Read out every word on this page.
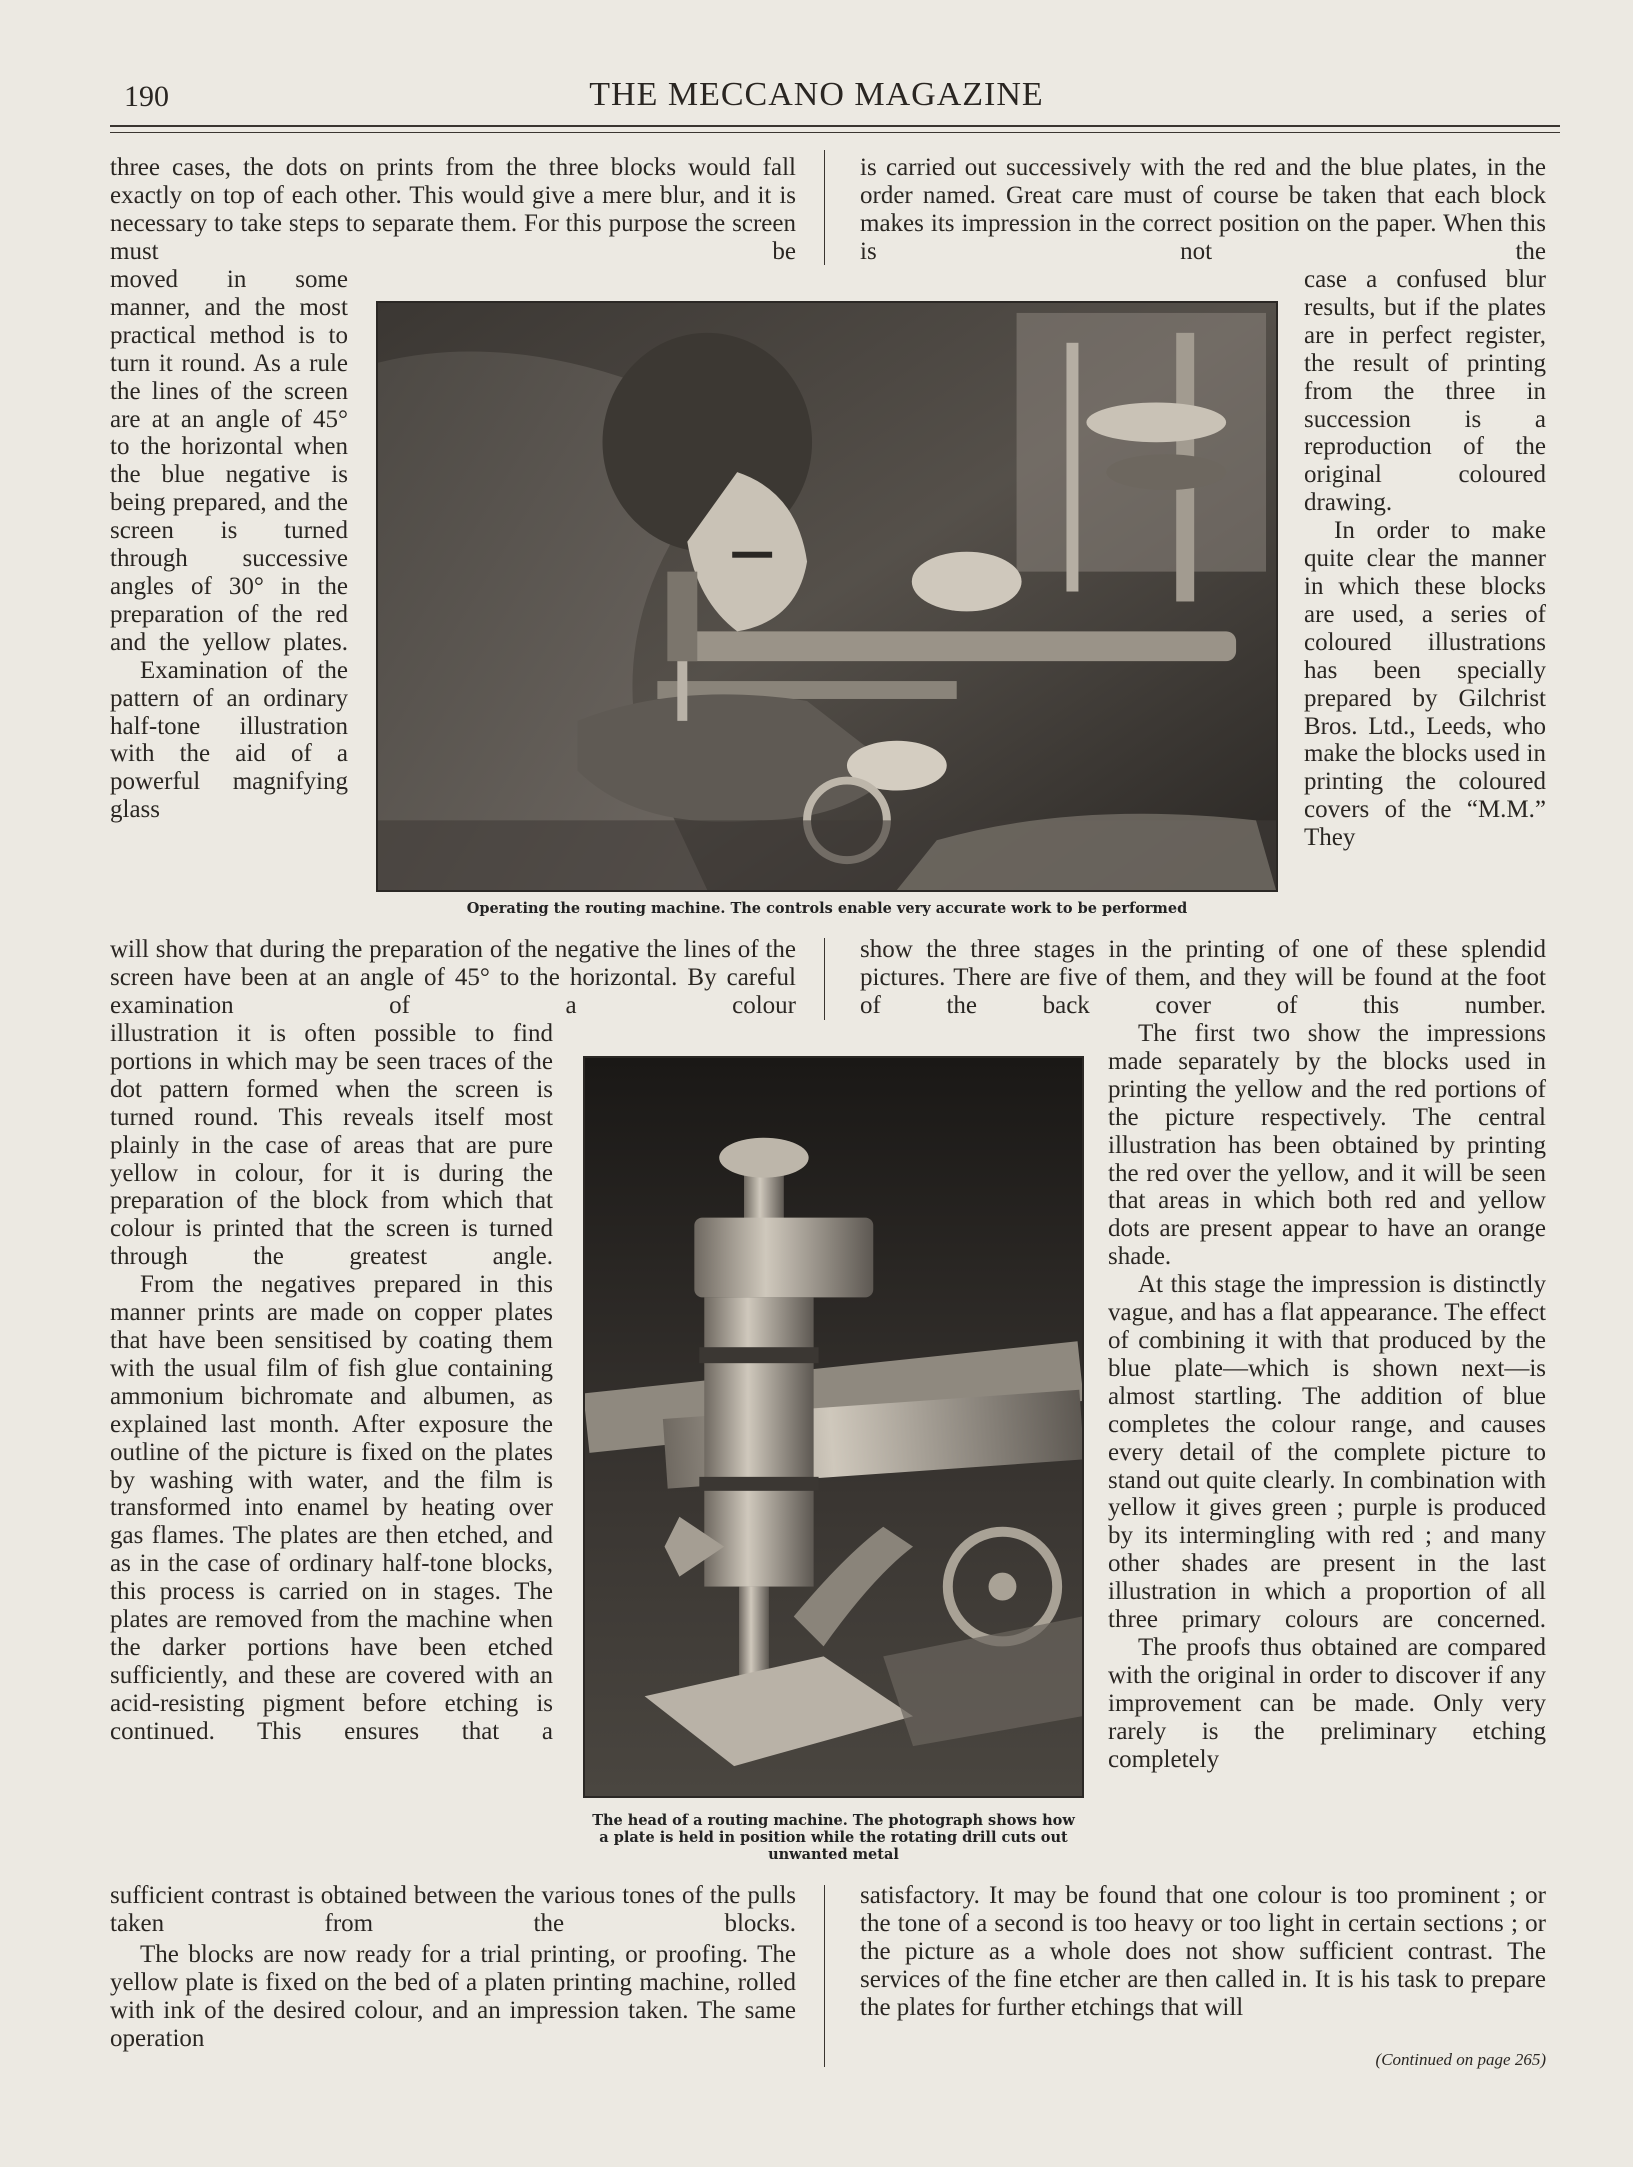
190	THE MECCANO MAGAZINE

three cases, the dots on prints from the three blocks would fall exactly on top of each other. This would give a mere blur, and it is necessary to take steps to separate them. For this purpose the screen must be

moved in some manner, and the most practical method is to turn it round. As a rule the lines of the screen are at an angle of 45° to the horizontal when the blue negative is being prepared, and the screen is turned through successive angles of 30° in the preparation of the red and the yellow plates.

Examination of the pattern of an ordinary half-tone illustration with the aid of a powerful magnifying glass

will show that during the preparation of the negative the lines of the screen have been at an angle of 45° to the horizontal. By careful examination of a colour

illustration it is often possible to find portions in which may be seen traces of the dot pattern formed when the screen is turned round. This reveals itself most plainly in the case of areas that are pure yellow in colour, for it is during the preparation of the block from which that colour is printed that the screen is turned through the greatest angle.

From the negatives prepared in this manner prints are made on copper plates that have been sensitised by coating them with the usual film of fish glue containing ammonium bichromate and albumen, as explained last month. After exposure the outline of the picture is fixed on the plates by washing with water, and the film is transformed into enamel by heating over gas flames. The plates are then etched, and as in the case of ordinary half-tone blocks, this process is carried on in stages. The plates are removed from the machine when the darker portions have been etched sufficiently, and these are covered with an acid-resisting pigment before etching is continued. This ensures that a

sufficient contrast is obtained between the various tones of the pulls taken from the blocks.

The blocks are now ready for a trial printing, or proofing. The yellow plate is fixed on the bed of a platen printing machine, rolled with ink of the desired colour, and an impression taken. The same operation

is carried out successively with the red and the blue plates, in the order named. Great care must of course be taken that each block makes its impression in the correct position on the paper. When this is not the

case a confused blur results, but if the plates are in perfect register, the result of printing from the three in succession is a reproduction of the original coloured drawing.

In order to make quite clear the manner in which these blocks are used, a series of coloured illustrations has been specially prepared by Gilchrist Bros. Ltd., Leeds, who make the blocks used in printing the coloured covers of the “M.M.” They

show the three stages in the printing of one of these splendid pictures. There are five of them, and they will be found at the foot of the back cover of this number.

The first two show the impressions made separately by the blocks used in printing the yellow and the red portions of the picture respectively. The central illustration has been obtained by printing the red over the yellow, and it will be seen that areas in which both red and yellow dots are present appear to have an orange shade.

At this stage the impression is distinctly vague, and has a flat appearance. The effect of combining it with that produced by the blue plate—which is shown next—is almost startling. The addition of blue completes the colour range, and causes every detail of the complete picture to stand out quite clearly. In combination with yellow it gives green ; purple is produced by its intermingling with red ; and many other shades are present in the last illustration in which a proportion of all three primary colours are concerned.

The proofs thus obtained are compared with the original in order to discover if any improvement can be made. Only very rarely is the preliminary etching completely

satisfactory. It may be found that one colour is too prominent ; or the tone of a second is too heavy or too light in certain sections ; or the picture as a whole does not show sufficient contrast. The services of the fine etcher are then called in. It is his task to prepare the plates for further etchings that will

(Continued on page 265)
Operating the routing machine. The controls enable very accurate work to be performed
The head of a routing machine. The photograph shows how
a plate is held in position while the rotating drill cuts out
unwanted metal
